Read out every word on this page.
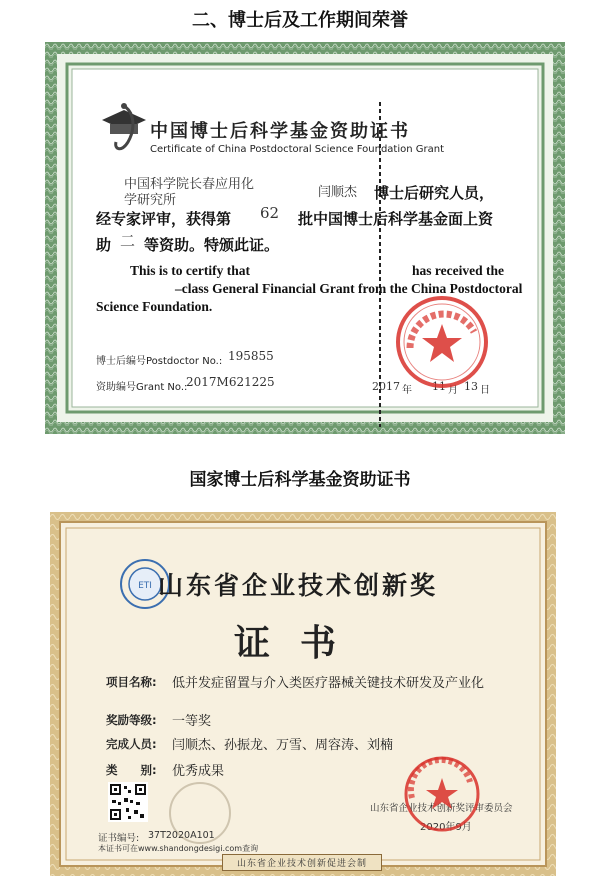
二、博士后及工作期间荣誉
中国博士后科学基金资助证书
Certificate of China Postdoctoral Science Foundation Grant
中国科学院长春应用化
学研究所
闫顺杰 博士后研究人员，
经专家评审，获得第 62 批中国博士后科学基金面上资
助 二 等资助。特颁此证。
This is to certify that	has received the
–class General Financial Grant from the China Postdoctoral
Science Foundation.
博士后编号Postdoctor No.: 195855
资助编号Grant No.:
2017M621225	2017 年 11 月 13 日
国家博士后科学基金资助证书
ETI 山东省企业技术创新奖
证书
项目名称: 低并发症留置与介入类医疗器械关键技术研发及产业化
奖励等级: 一等奖
完成人员: 闫顺杰、孙振龙、万雪、周容涛、刘楠
类　　别: 优秀成果
证书编号: 37T2020A101
本证书可在www.shandongdesigi.com查询
山东省企业技术创新奖评审委员会
2020年9月
山东省企业技术创新促进会制
